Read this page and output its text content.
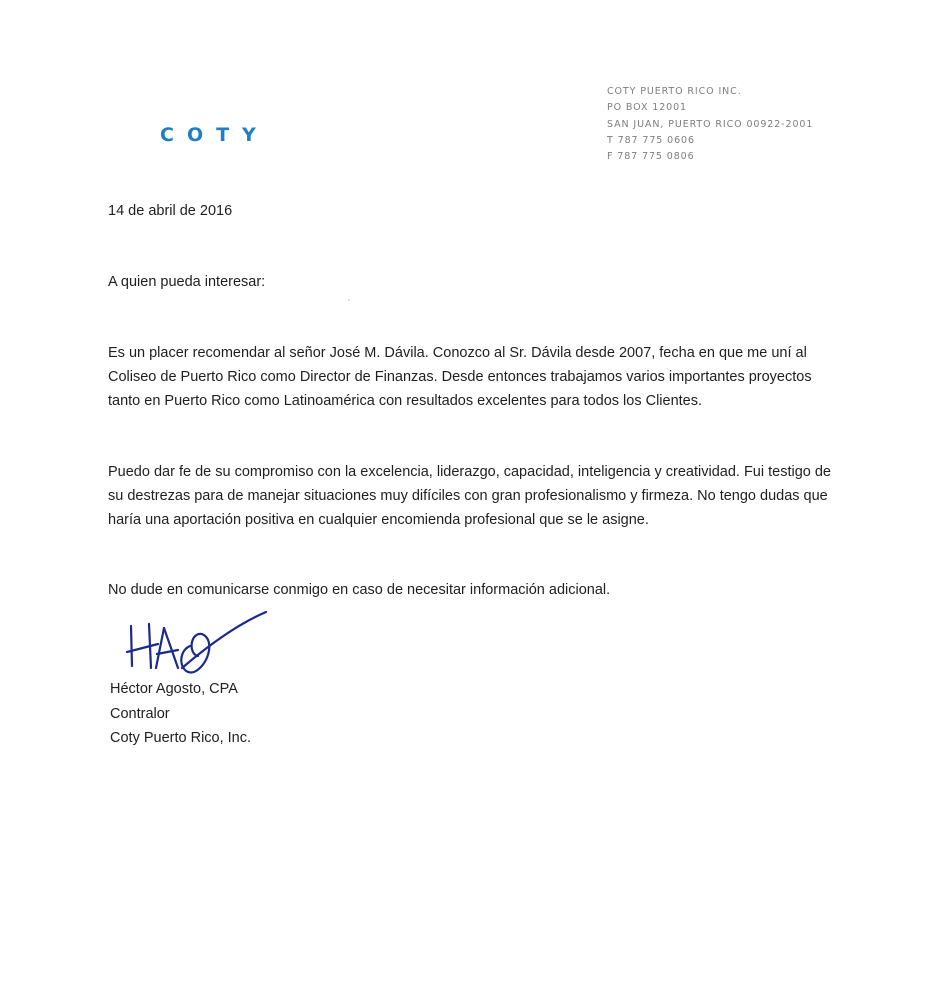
COTY
COTY PUERTO RICO INC.
PO BOX 12001
SAN JUAN, PUERTO RICO 00922-2001
T 787 775 0606
F 787 775 0806
14 de abril de 2016
A quien pueda interesar:
Es un placer recomendar al señor José M. Dávila. Conozco al Sr. Dávila desde 2007, fecha en que me uní al Coliseo de Puerto Rico como Director de Finanzas. Desde entonces trabajamos varios importantes proyectos tanto en Puerto Rico como Latinoamérica con resultados excelentes para todos los Clientes.
Puedo dar fe de su compromiso con la excelencia, liderazgo, capacidad, inteligencia y creatividad. Fui testigo de su destrezas para de manejar situaciones muy difíciles con gran profesionalismo y firmeza. No tengo dudas que haría una aportación positiva en cualquier encomienda profesional que se le asigne.
No dude en comunicarse conmigo en caso de necesitar información adicional.
Héctor Agosto, CPA
Contralor
Coty Puerto Rico, Inc.
